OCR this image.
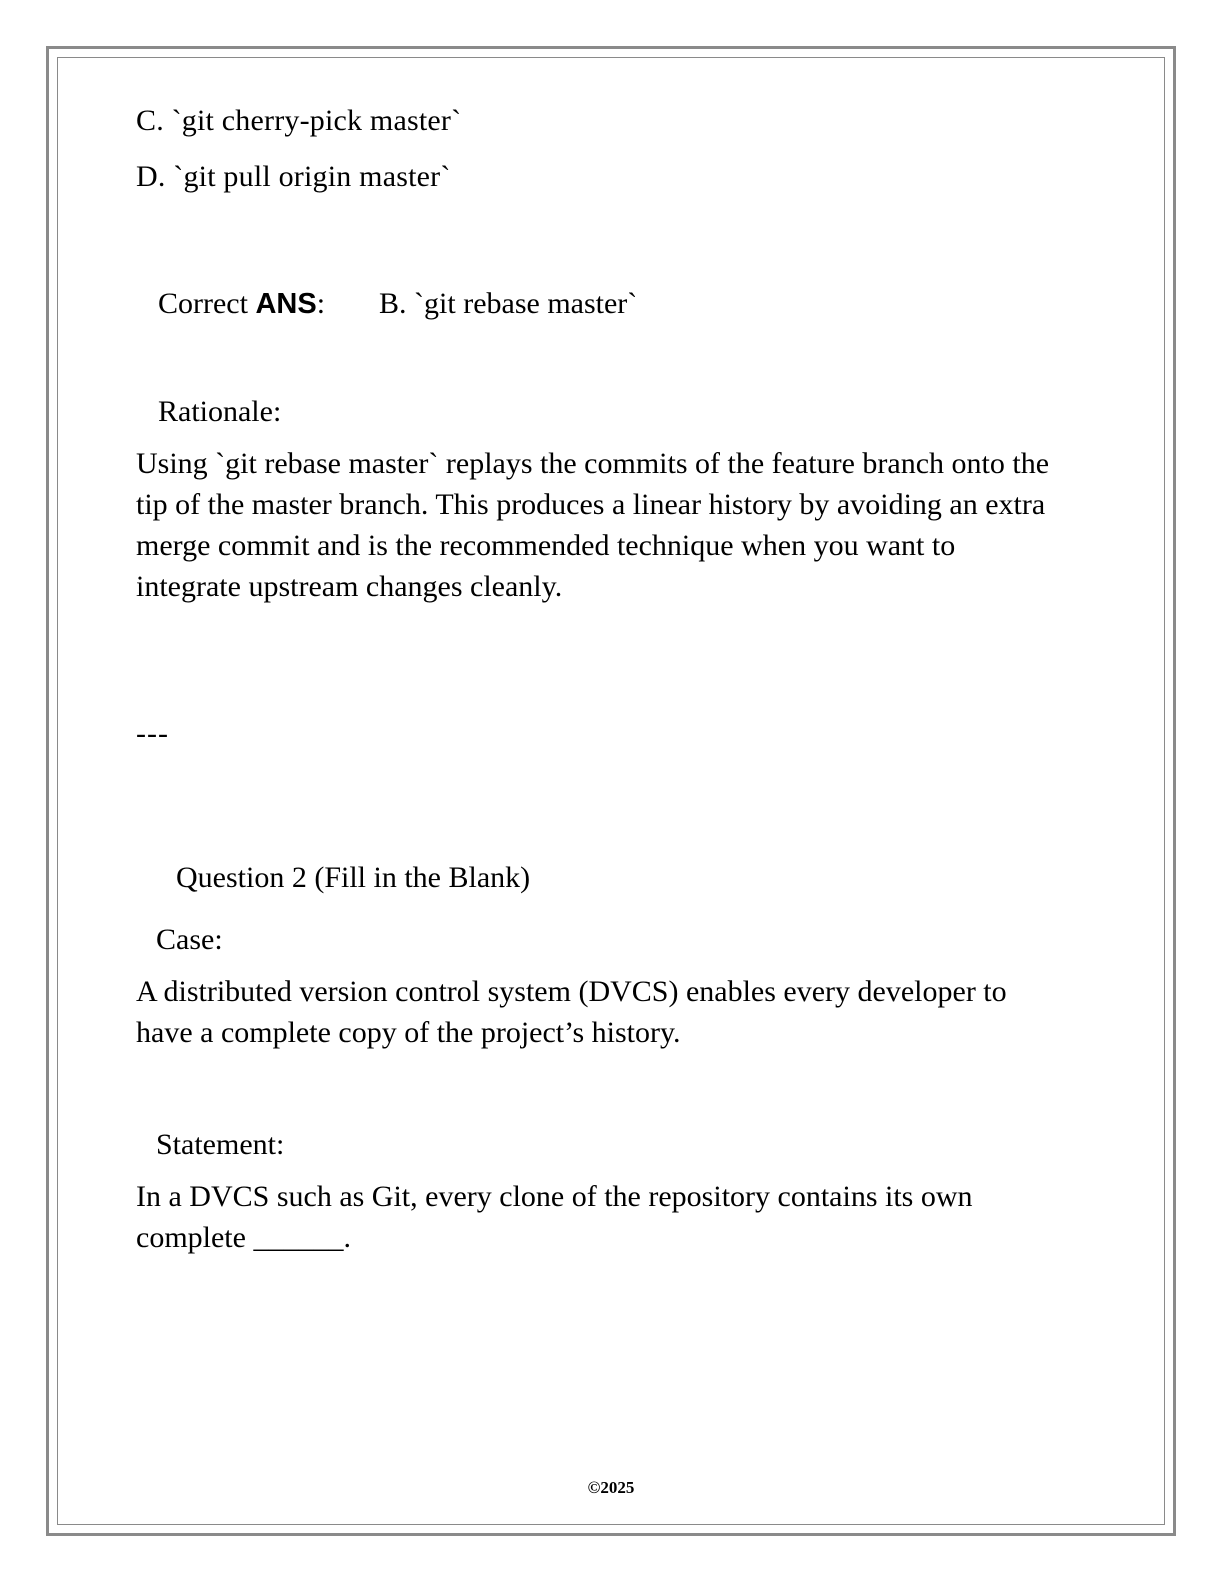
C. `git cherry-pick master`

D. `git pull origin master`

Correct ANS: B. `git rebase master`

Rationale:

Using `git rebase master` replays the commits of the feature branch onto the tip of the master branch. This produces a linear history by avoiding an extra merge commit and is the recommended technique when you want to integrate upstream changes cleanly.

---

Question 2 (Fill in the Blank)

Case:

A distributed version control system (DVCS) enables every developer to have a complete copy of the project’s history.

Statement:

In a DVCS such as Git, every clone of the repository contains its own complete ______.

©2025
